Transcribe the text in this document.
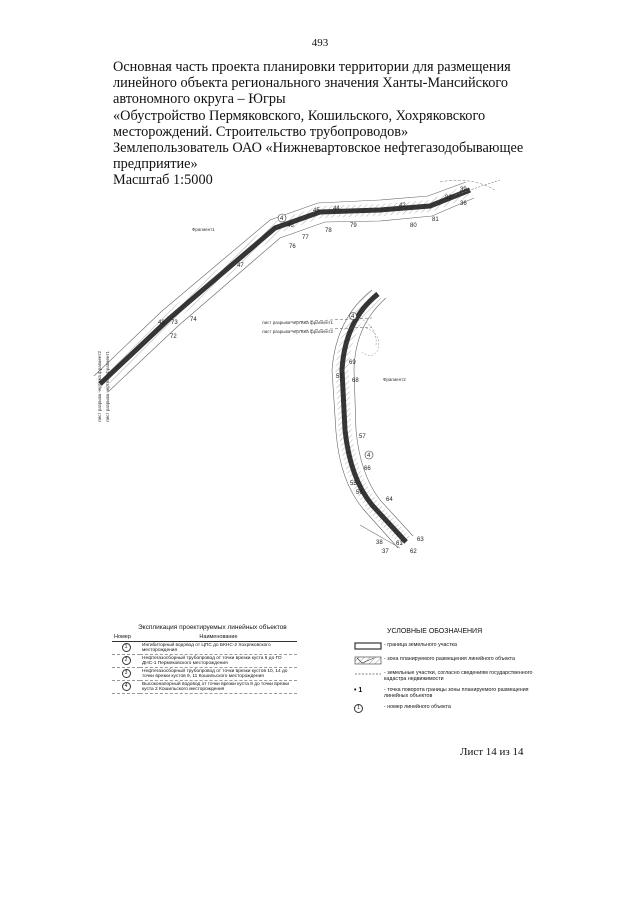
493
Основная часть проекта планировки территории для размещения
линейного объекта регионального значения Ханты-Мансийского
автономного округа – Югры
«Обустройство Пермяковского, Кошильского, Хохряковского
месторождений. Строительство трубопроводов»
Землепользователь ОАО «Нижневартовское нефтегазодобывающее
предприятие»
Масштаб 1:5000
лист разрыва чертежа фрагмент1
лист разрыва чертежа фрагмент2
лист разрыва чертежа фрагмент2 лист разрыва чертежа фрагмент1
Фрагмент1
Фрагмент2
4
4
4
39
82
36
42
45 44
80
81
79
78
46
77
76
47
73 74
72
48
68
69
53
57
66
55
56
64
63
38
37
61
62
Экспликация проектируемых линейных объектов
Номер	Наименование
1	Ингибиторный водовод от ЦПС до БКНС-2 Хохряковского месторождения
2	Нефтегазосборный трубопровод от точки врезки куста 6 до ГО ДНС-1 Пермяковского месторождения
3	Нефтегазосборный трубопровод от точки врезки кустов 10, 14 до точки врезки кустов 9, 11 Кошильского месторождения
4	Высоконапорный водовод от точки врезки куста 8 до точки врезки куста 2 Кошильского месторождения
УСЛОВНЫЕ ОБОЗНАЧЕНИЯ
- граница земельного участка
- зона планируемого размещения линейного объекта
- земельные участки, согласно сведениям государственного кадастра недвижимости
• 1	- точка поворота границы зоны планируемого размещения линейных объектов
1	- номер линейного объекта
Лист 14 из 14
